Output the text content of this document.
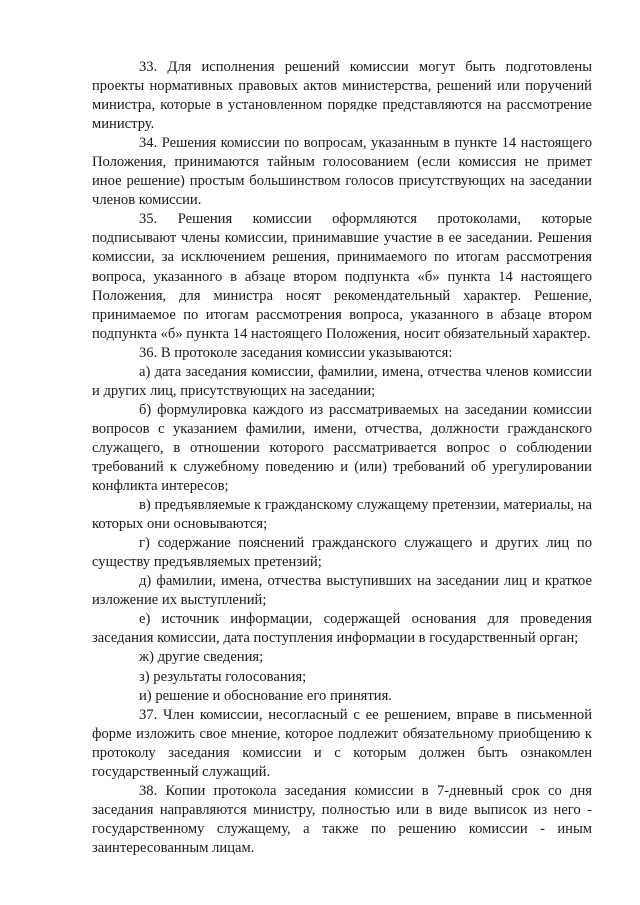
33. Для исполнения решений комиссии могут быть подготовлены проекты нормативных правовых актов министерства, решений или поручений министра, которые в установленном порядке представляются на рассмотрение министру.

34. Решения комиссии по вопросам, указанным в пункте 14 настоящего Положения, принимаются тайным голосованием (если комиссия не примет иное решение) простым большинством голосов присутствующих на заседании членов комиссии.

35. Решения комиссии оформляются протоколами, которые подписывают члены комиссии, принимавшие участие в ее заседании. Решения комиссии, за исключением решения, принимаемого по итогам рассмотрения вопроса, указанного в абзаце втором подпункта «б» пункта 14 настоящего Положения, для министра носят рекомендательный характер. Решение, принимаемое по итогам рассмотрения вопроса, указанного в абзаце втором подпункта «б» пункта 14 настоящего Положения, носит обязательный характер.

36. В протоколе заседания комиссии указываются:

а) дата заседания комиссии, фамилии, имена, отчества членов комиссии и других лиц, присутствующих на заседании;

б) формулировка каждого из рассматриваемых на заседании комиссии вопросов с указанием фамилии, имени, отчества, должности гражданского служащего, в отношении которого рассматривается вопрос о соблюдении требований к служебному поведению и (или) требований об урегулировании конфликта интересов;

в) предъявляемые к гражданскому служащему претензии, материалы, на которых они основываются;

г) содержание пояснений гражданского служащего и других лиц по существу предъявляемых претензий;

д) фамилии, имена, отчества выступивших на заседании лиц и краткое изложение их выступлений;

е) источник информации, содержащей основания для проведения заседания комиссии, дата поступления информации в государственный орган;

ж) другие сведения;

з) результаты голосования;

и) решение и обоснование его принятия.

37. Член комиссии, несогласный с ее решением, вправе в письменной форме изложить свое мнение, которое подлежит обязательному приобщению к протоколу заседания комиссии и с которым должен быть ознакомлен государственный служащий.

38. Копии протокола заседания комиссии в 7-дневный срок со дня заседания направляются министру, полностью или в виде выписок из него - государственному служащему, а также по решению комиссии - иным заинтересованным лицам.
